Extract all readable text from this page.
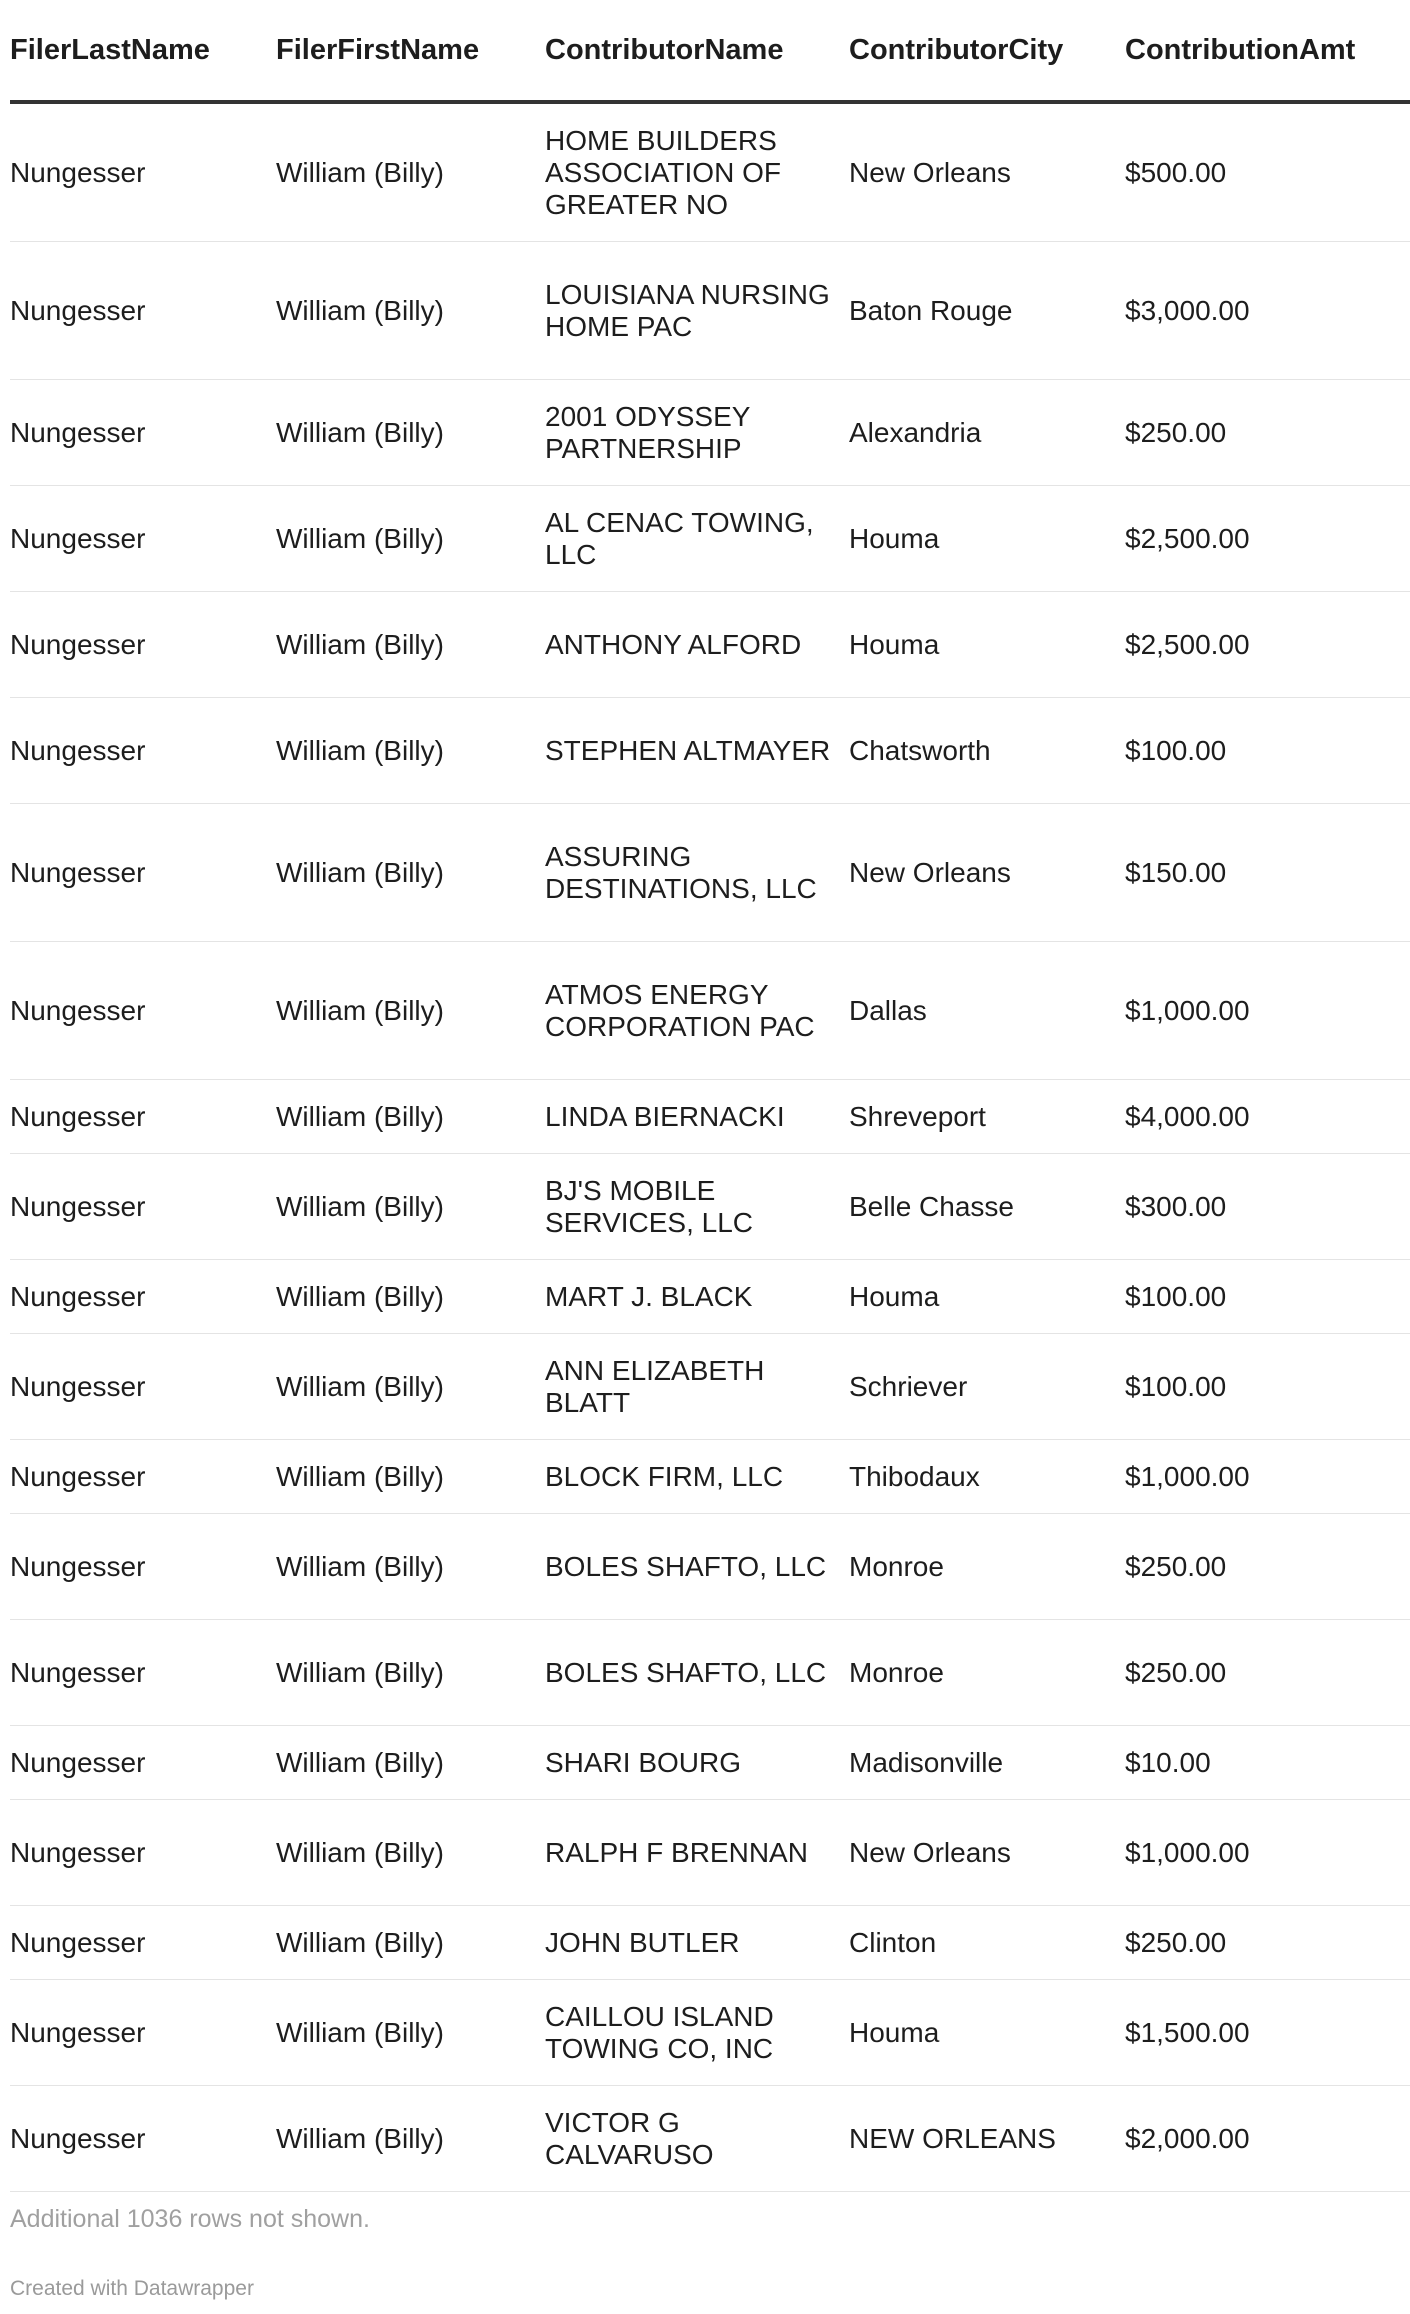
FilerLastName	FilerFirstName	ContributorName	ContributorCity	ContributionAmt
Nungesser	William (Billy)	HOME BUILDERS ASSOCIATION OF GREATER NO	New Orleans	$500.00
Nungesser	William (Billy)	LOUISIANA NURSING HOME PAC	Baton Rouge	$3,000.00
Nungesser	William (Billy)	2001 ODYSSEY PARTNERSHIP	Alexandria	$250.00
Nungesser	William (Billy)	AL CENAC TOWING, LLC	Houma	$2,500.00
Nungesser	William (Billy)	ANTHONY ALFORD	Houma	$2,500.00
Nungesser	William (Billy)	STEPHEN ALTMAYER	Chatsworth	$100.00
Nungesser	William (Billy)	ASSURING DESTINATIONS, LLC	New Orleans	$150.00
Nungesser	William (Billy)	ATMOS ENERGY CORPORATION PAC	Dallas	$1,000.00
Nungesser	William (Billy)	LINDA BIERNACKI	Shreveport	$4,000.00
Nungesser	William (Billy)	BJ'S MOBILE SERVICES, LLC	Belle Chasse	$300.00
Nungesser	William (Billy)	MART J. BLACK	Houma	$100.00
Nungesser	William (Billy)	ANN ELIZABETH BLATT	Schriever	$100.00
Nungesser	William (Billy)	BLOCK FIRM, LLC	Thibodaux	$1,000.00
Nungesser	William (Billy)	BOLES SHAFTO, LLC	Monroe	$250.00
Nungesser	William (Billy)	BOLES SHAFTO, LLC	Monroe	$250.00
Nungesser	William (Billy)	SHARI BOURG	Madisonville	$10.00
Nungesser	William (Billy)	RALPH F BRENNAN	New Orleans	$1,000.00
Nungesser	William (Billy)	JOHN BUTLER	Clinton	$250.00
Nungesser	William (Billy)	CAILLOU ISLAND TOWING CO, INC	Houma	$1,500.00
Nungesser	William (Billy)	VICTOR G CALVARUSO	NEW ORLEANS	$2,000.00
Additional 1036 rows not shown.
Created with Datawrapper
